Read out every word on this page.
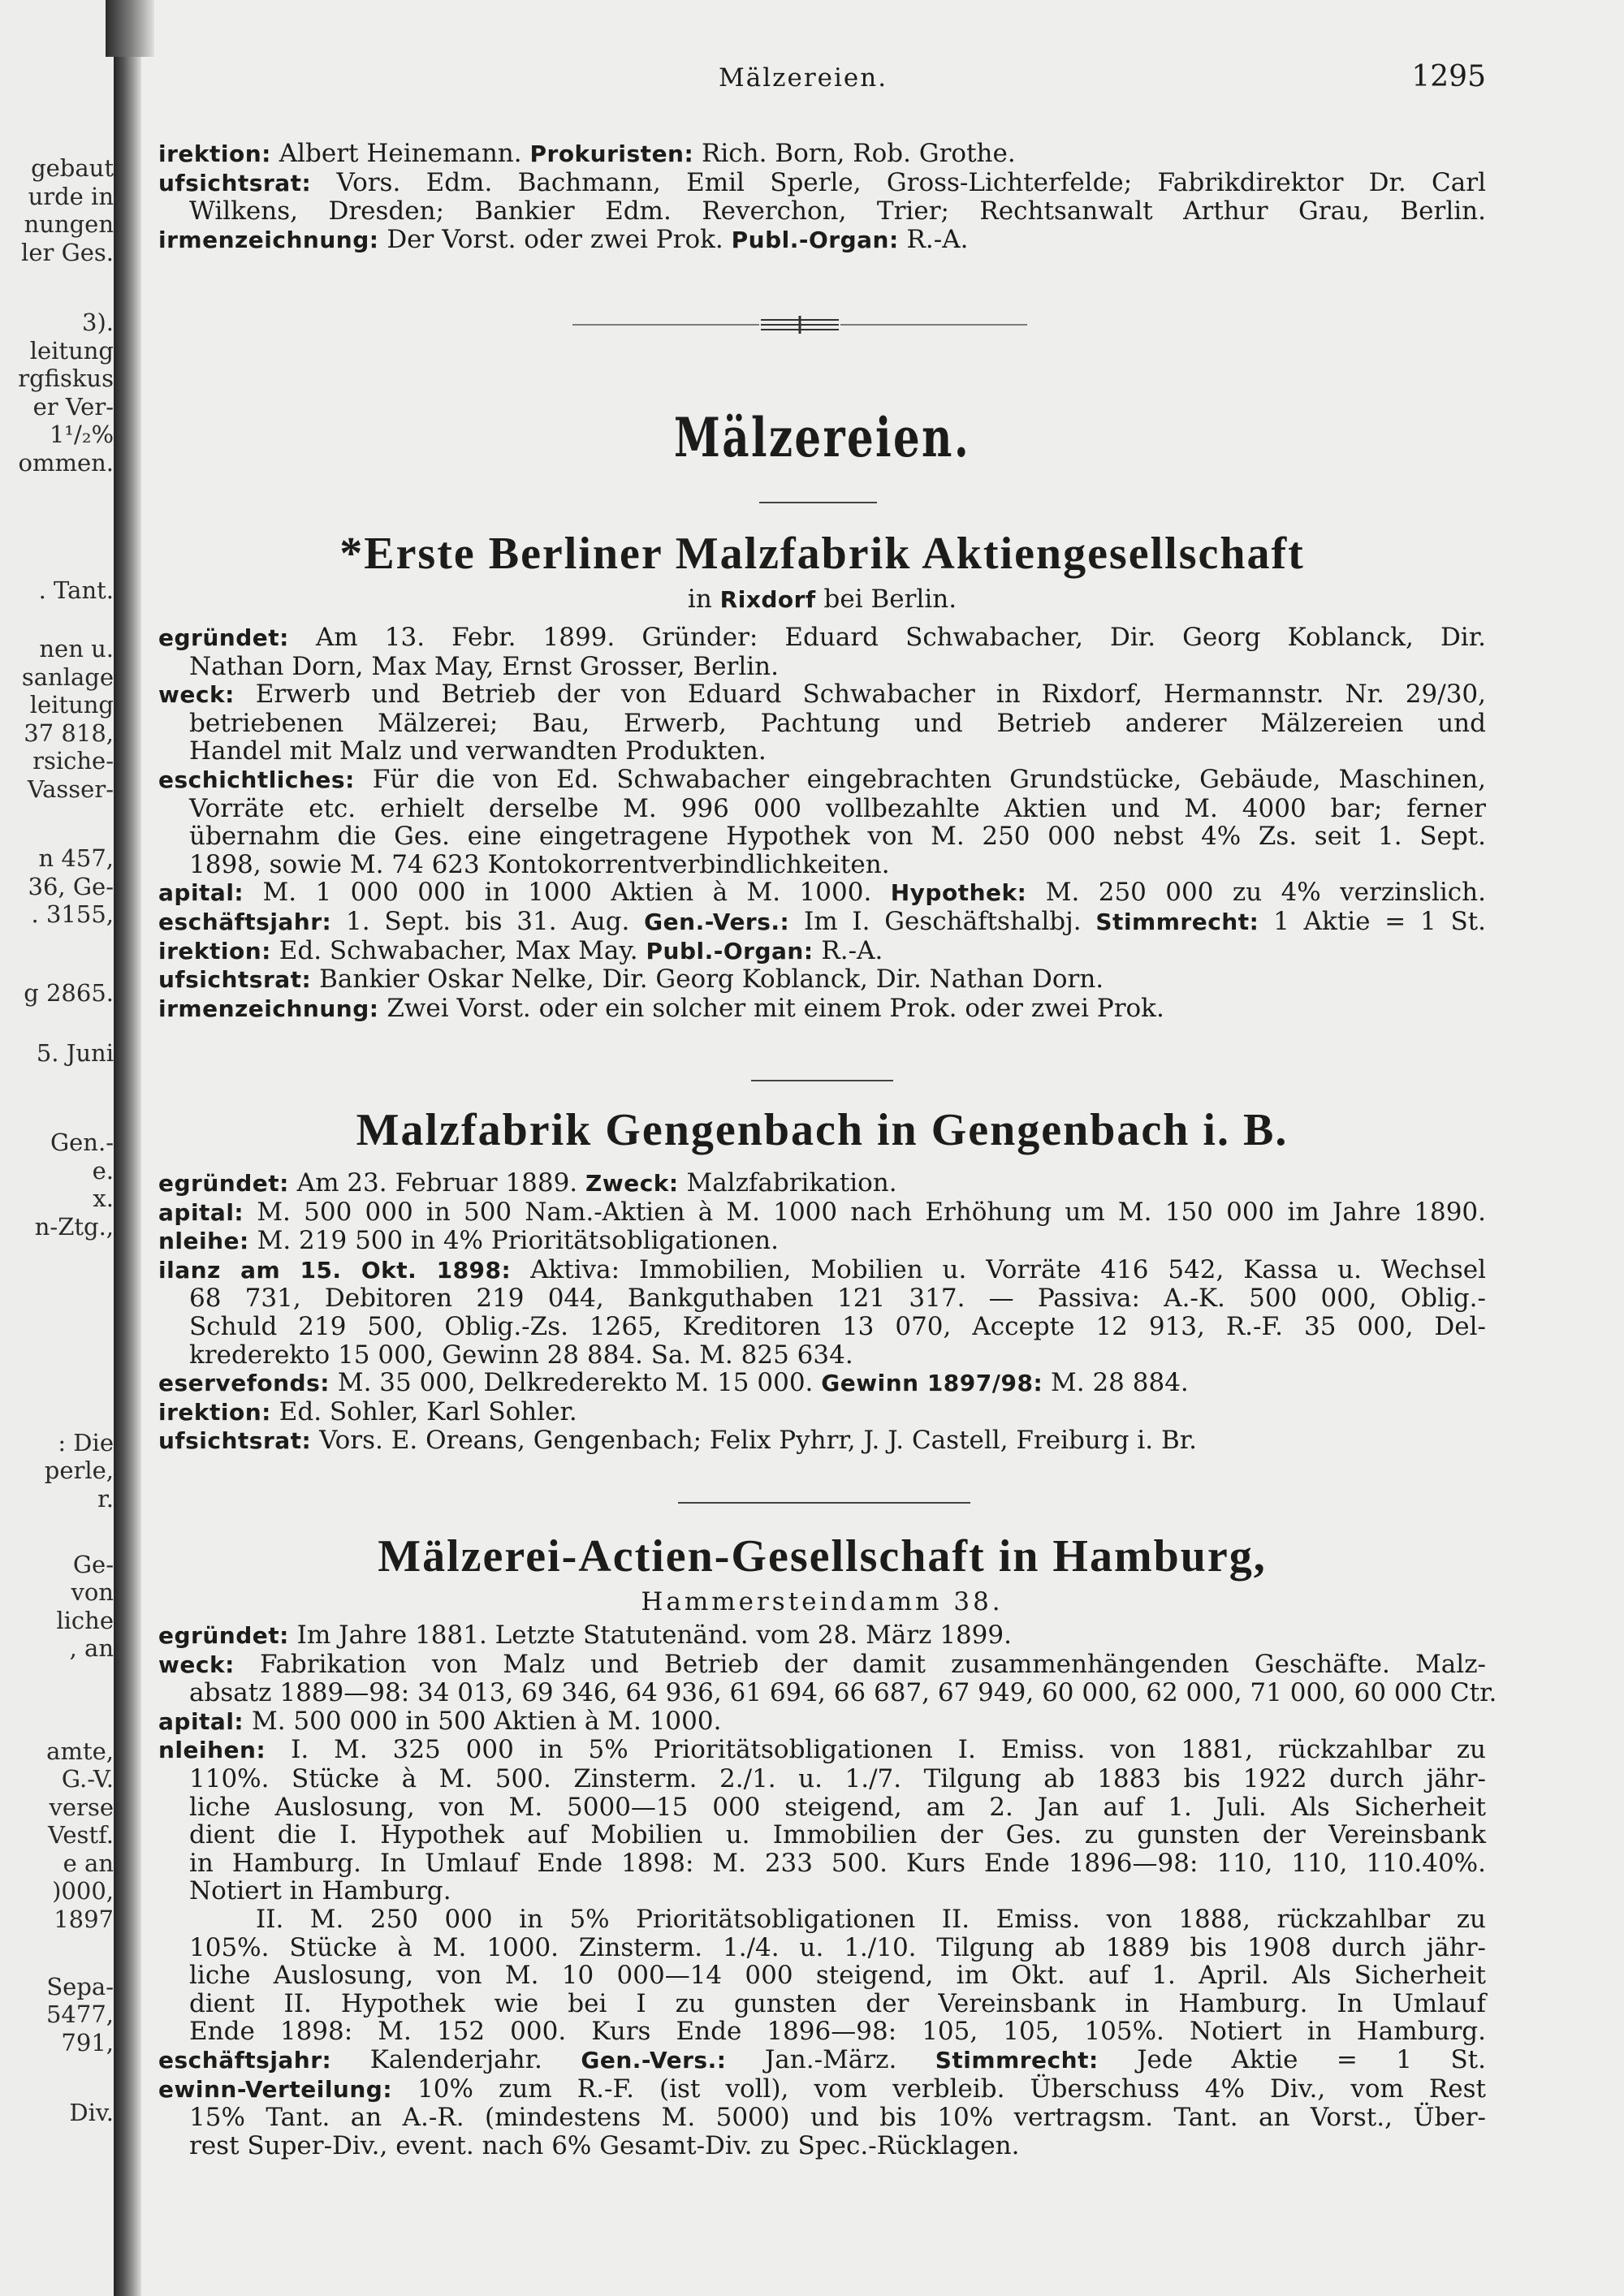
gebaut
urde in
nungen
ler Ges.
3).
leitung
rgfiskus
er Ver-
1¹/₂%
ommen.
. Tant.
nen u.
sanlage
leitung
37 818,
rsiche-
Vasser-
n 457,
36, Ge-
. 3155,
g 2865.
5. Juni
Gen.-
e.
x.
n-Ztg.,
: Die
perle,
r.
Ge-
von
liche
, an
amte,
G.-V.
verse
Vestf.
e an
)000,
1897
Sepa-
5477,
791,
Div.
Mälzereien.	1295
irektion: Albert Heinemann. Prokuristen: Rich. Born, Rob. Grothe.
ufsichtsrat: Vors. Edm. Bachmann, Emil Sperle, Gross-Lichterfelde; Fabrikdirektor Dr. Carl
Wilkens, Dresden; Bankier Edm. Reverchon, Trier; Rechtsanwalt Arthur Grau, Berlin.
irmenzeichnung: Der Vorst. oder zwei Prok. Publ.-Organ: R.-A.
Mälzereien.
*Erste Berliner Malzfabrik Aktiengesellschaft
in Rixdorf bei Berlin.
egründet: Am 13. Febr. 1899. Gründer: Eduard Schwabacher, Dir. Georg Koblanck, Dir.
Nathan Dorn, Max May, Ernst Grosser, Berlin.
weck: Erwerb und Betrieb der von Eduard Schwabacher in Rixdorf, Hermannstr. Nr. 29/30,
betriebenen Mälzerei; Bau, Erwerb, Pachtung und Betrieb anderer Mälzereien und
Handel mit Malz und verwandten Produkten.
eschichtliches: Für die von Ed. Schwabacher eingebrachten Grundstücke, Gebäude, Maschinen,
Vorräte etc. erhielt derselbe M. 996 000 vollbezahlte Aktien und M. 4000 bar; ferner
übernahm die Ges. eine eingetragene Hypothek von M. 250 000 nebst 4% Zs. seit 1. Sept.
1898, sowie M. 74 623 Kontokorrentverbindlichkeiten.
apital: M. 1 000 000 in 1000 Aktien à M. 1000. Hypothek: M. 250 000 zu 4% verzinslich.
eschäftsjahr: 1. Sept. bis 31. Aug. Gen.-Vers.: Im I. Geschäftshalbj. Stimmrecht: 1 Aktie = 1 St.
irektion: Ed. Schwabacher, Max May. Publ.-Organ: R.-A.
ufsichtsrat: Bankier Oskar Nelke, Dir. Georg Koblanck, Dir. Nathan Dorn.
irmenzeichnung: Zwei Vorst. oder ein solcher mit einem Prok. oder zwei Prok.
Malzfabrik Gengenbach in Gengenbach i. B.
egründet: Am 23. Februar 1889. Zweck: Malzfabrikation.
apital: M. 500 000 in 500 Nam.-Aktien à M. 1000 nach Erhöhung um M. 150 000 im Jahre 1890.
nleihe: M. 219 500 in 4% Prioritätsobligationen.
ilanz am 15. Okt. 1898: Aktiva: Immobilien, Mobilien u. Vorräte 416 542, Kassa u. Wechsel
68 731, Debitoren 219 044, Bankguthaben 121 317. — Passiva: A.-K. 500 000, Oblig.-
Schuld 219 500, Oblig.-Zs. 1265, Kreditoren 13 070, Accepte 12 913, R.-F. 35 000, Del-
krederekto 15 000, Gewinn 28 884. Sa. M. 825 634.
eservefonds: M. 35 000, Delkrederekto M. 15 000. Gewinn 1897/98: M. 28 884.
irektion: Ed. Sohler, Karl Sohler.
ufsichtsrat: Vors. E. Oreans, Gengenbach; Felix Pyhrr, J. J. Castell, Freiburg i. Br.
Mälzerei-Actien-Gesellschaft in Hamburg,
Hammersteindamm 38.
egründet: Im Jahre 1881. Letzte Statutenänd. vom 28. März 1899.
weck: Fabrikation von Malz und Betrieb der damit zusammenhängenden Geschäfte. Malz-
absatz 1889—98: 34 013, 69 346, 64 936, 61 694, 66 687, 67 949, 60 000, 62 000, 71 000, 60 000 Ctr.
apital: M. 500 000 in 500 Aktien à M. 1000.
nleihen: I. M. 325 000 in 5% Prioritätsobligationen I. Emiss. von 1881, rückzahlbar zu
110%. Stücke à M. 500. Zinsterm. 2./1. u. 1./7. Tilgung ab 1883 bis 1922 durch jähr-
liche Auslosung, von M. 5000—15 000 steigend, am 2. Jan auf 1. Juli. Als Sicherheit
dient die I. Hypothek auf Mobilien u. Immobilien der Ges. zu gunsten der Vereinsbank
in Hamburg. In Umlauf Ende 1898: M. 233 500. Kurs Ende 1896—98: 110, 110, 110.40%.
Notiert in Hamburg.
II. M. 250 000 in 5% Prioritätsobligationen II. Emiss. von 1888, rückzahlbar zu
105%. Stücke à M. 1000. Zinsterm. 1./4. u. 1./10. Tilgung ab 1889 bis 1908 durch jähr-
liche Auslosung, von M. 10 000—14 000 steigend, im Okt. auf 1. April. Als Sicherheit
dient II. Hypothek wie bei I zu gunsten der Vereinsbank in Hamburg. In Umlauf
Ende 1898: M. 152 000. Kurs Ende 1896—98: 105, 105, 105%. Notiert in Hamburg.
eschäftsjahr: Kalenderjahr. Gen.-Vers.: Jan.-März. Stimmrecht: Jede Aktie = 1 St.
ewinn-Verteilung: 10% zum R.-F. (ist voll), vom verbleib. Überschuss 4% Div., vom Rest
15% Tant. an A.-R. (mindestens M. 5000) und bis 10% vertragsm. Tant. an Vorst., Über-
rest Super-Div., event. nach 6% Gesamt-Div. zu Spec.-Rücklagen.
